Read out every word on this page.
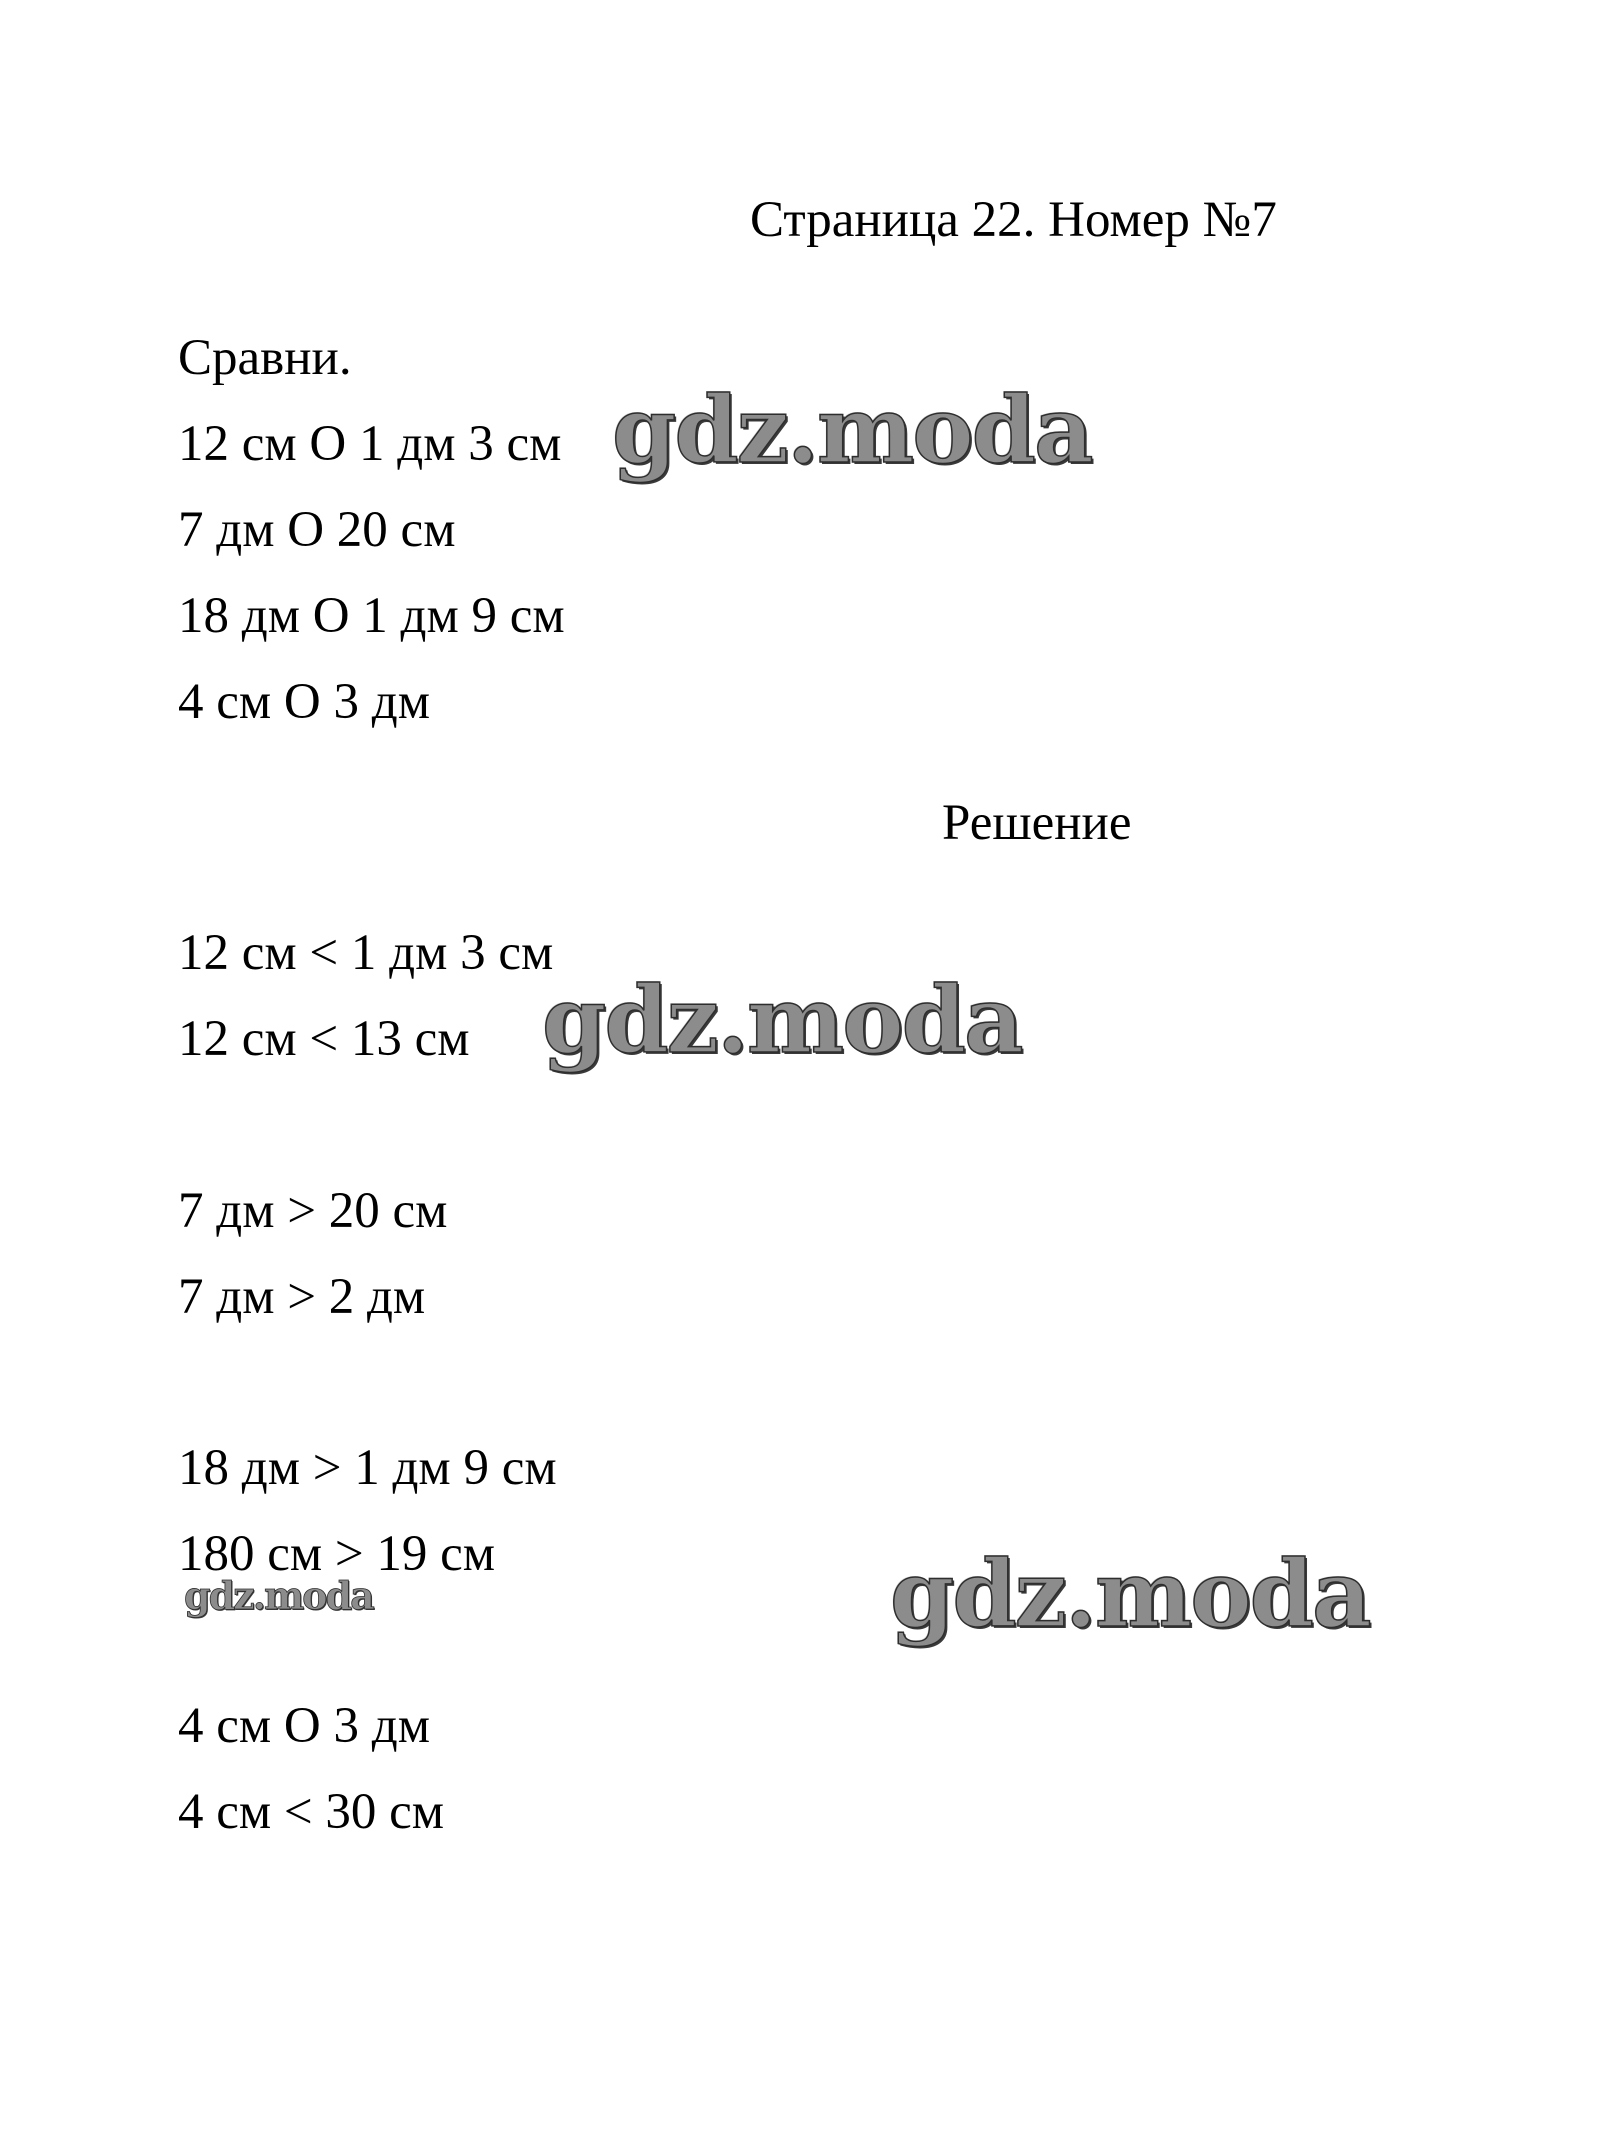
Страница 22. Номер №7
Сравни.
12 см O 1 дм 3 см
7 дм O 20 см
18 дм O 1 дм 9 см
4 см O 3 дм
Решение
12 см < 1 дм 3 см
12 см < 13 см
7 дм > 20 см
7 дм > 2 дм
18 дм > 1 дм 9 см
180 см > 19 см
4 см O 3 дм
4 см < 30 см
gdz.moda
gdz.moda
gdz.moda	gdz.moda
